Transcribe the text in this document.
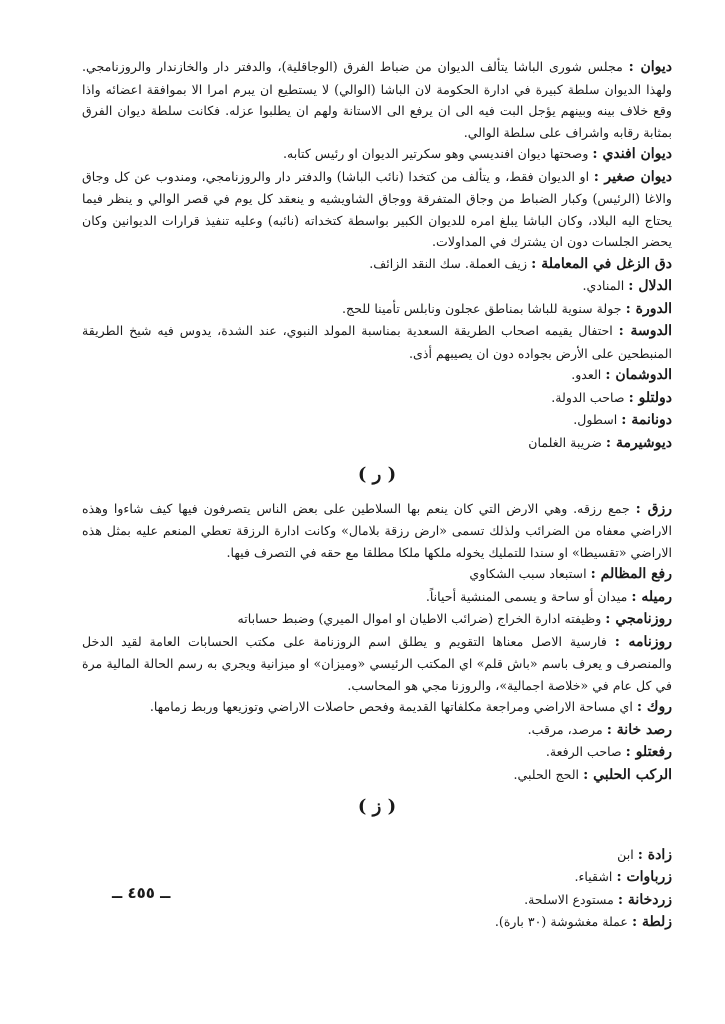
ديوان : مجلس شورى الباشا يتألف الديوان من ضباط الفرق (الوجاقلية)، والدفتر دار والخازندار والروزنامجي. ولهذا الديوان سلطة كبيرة في ادارة الحكومة لان الباشا (الوالي) لا يستطيع ان يبرم امرا الا بموافقة اعضائه واذا وقع خلاف بينه وبينهم يؤجل البت فيه الى ان يرفع الى الاستانة ولهم ان يطلبوا عزله. فكانت سلطة ديوان الفرق بمثابة رقابه واشراف على سلطة الوالي.

ديوان افندي : وصحتها ديوان افنديسي وهو سكرتير الديوان او رئيس كتابه.

ديوان صغير : او الديوان فقط، و يتألف من كتخدا (نائب الباشا) والدفتر دار والروزنامجي، ومندوب عن كل وجاق والاغا (الرئيس) وكبار الضباط من وجاق المتفرقة ووجاق الشاويشيه و ينعقد كل يوم في قصر الوالي و ينظر فيما يحتاج اليه البلاد، وكان الباشا يبلغ امره للديوان الكبير بواسطة كتخداته (نائبه) وعليه تنفيذ قرارات الديوانين وكان يحضر الجلسات دون ان يشترك في المداولات.

دق الزغل في المعاملة : زيف العملة. سك النقد الزائف.

الدلال : المنادي.

الدورة : جولة سنوية للباشا بمناطق عجلون ونابلس تأمينا للحج.

الدوسة : احتفال يقيمه اصحاب الطريقة السعدية بمناسبة المولد النبوي، عند الشدة، يدوس فيه شيخ الطريقة المنبطحين على الأرض بجواده دون ان يصيبهم أذى.

الدوشمان : العدو.

دولتلو : صاحب الدولة.

دونانمة : اسطول.

ديوشيرمة : ضريبة الغلمان

( ر )

رزق : جمع رزقه. وهي الارض التي كان ينعم بها السلاطين على بعض الناس يتصرفون فيها كيف شاءوا وهذه الاراضي معفاه من الضرائب ولذلك تسمى «ارض رزقة بلامال» وكانت ادارة الرزقة تعطي المنعم عليه بمثل هذه الاراضي «تقسيطا» او سندا للتمليك يخوله ملكها ملكا مطلقا مع حقه في التصرف فيها.

رفع المظالم : استبعاد سبب الشكاوي

رميله : ميدان أو ساحة و يسمى المنشية أحياناً.

روزنامجي : وظيفته ادارة الخراج (ضرائب الاطيان او اموال الميري) وضبط حساباته

روزنامه : فارسية الاصل معناها التقويم و يطلق اسم الروزنامة على مكتب الحسابات العامة لقيد الدخل والمنصرف و يعرف باسم «باش قلم» اي المكتب الرئيسي «وميزان» او ميزانية ويجري به رسم الحالة المالية مرة في كل عام في «خلاصة اجمالية»، والروزنا مجي هو المحاسب.

روك : اي مساحة الاراضي ومراجعة مكلفاتها القديمة وفحص حاصلات الاراضي وتوزيعها وربط زمامها.

رصد خانة : مرصد، مرقب.

رفعتلو : صاحب الرفعة.

الركب الحلبي : الحج الحلبي.

( ز )

زادة : ابن

زرباوات : اشقياء.

زردخانة : مستودع الاسلحة.

زلطة : عملة مغشوشة (٣٠ بارة).

ــ ٤٥٥ ــ
